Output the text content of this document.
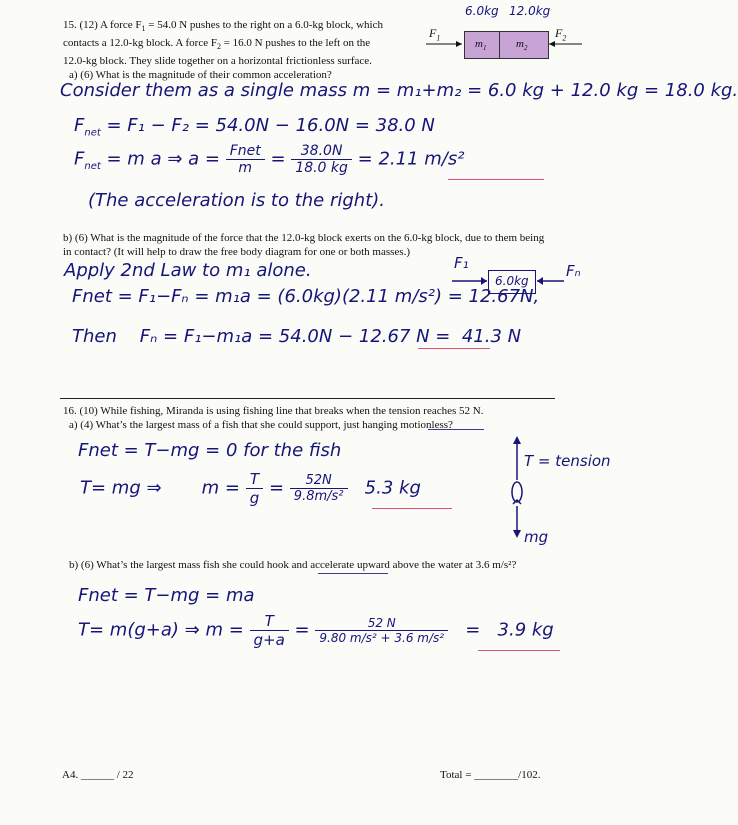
15. (12) A force $F_1 = 54.0$ N pushes to the right on a 6.0-kg block, which
contacts a 12.0-kg block. A force $F_2 = 16.0$ N pushes to the left on the
12.0-kg block. They slide together on a horizontal frictionless surface.
a) (6) What is the magnitude of their common acceleration?
6.0kg 12.0kg
$F_1$	$F_2$
$m_1$	$m_2$
Consider them as a single mass m = m₁+m₂ = 6.0 kg + 12.0 kg = 18.0 kg.
$F_{net} = F_1 - F_2 = 54.0N - 16.0N = 38.0$ N
$F_{net} = m$ a ⇒ $a = \frac{\text{Fnet}}{m} = \frac{38.0N}{18.0 kg} = 2.11$ m/s²
(The acceleration is to the right).
b) (6) What is the magnitude of the force that the 12.0-kg block exerts on the 6.0-kg block, due to them being
in contact? (It will help to draw the free body diagram for one or both masses.)
Apply 2nd Law to m₁ alone.
Fnet = F₁−Fₙ = m₁a = (6.0kg)(2.11 m/s²) = 12.67N,
Then Fₙ = F₁−m₁a = 54.0N − 12.67 N = 41.3 N
F₁
6.0kg
Fₙ
16. (10) While fishing, Miranda is using fishing line that breaks when the tension reaches 52 N.
a) (4) What’s the largest mass of a fish that she could support, just hanging motionless?
Fnet = T−mg = 0 for the fish
T= mg ⇒ $m = \frac{T}{g} = \frac{52N}{\text{9.8m/s²}} 5.3$ kg
T = tension
mg
b) (6) What’s the largest mass fish she could hook and accelerate upward above the water at 3.6 m/s²?
Fnet = T−mg = ma
T= m(g+a) ⇒ $m = \frac{T}{g+a} = \frac{52 N}{\text{9.80 m/s² + 3.6 m/s²}} = 3.9$ kg
A4. ______ / 22	Total = ________/102.
